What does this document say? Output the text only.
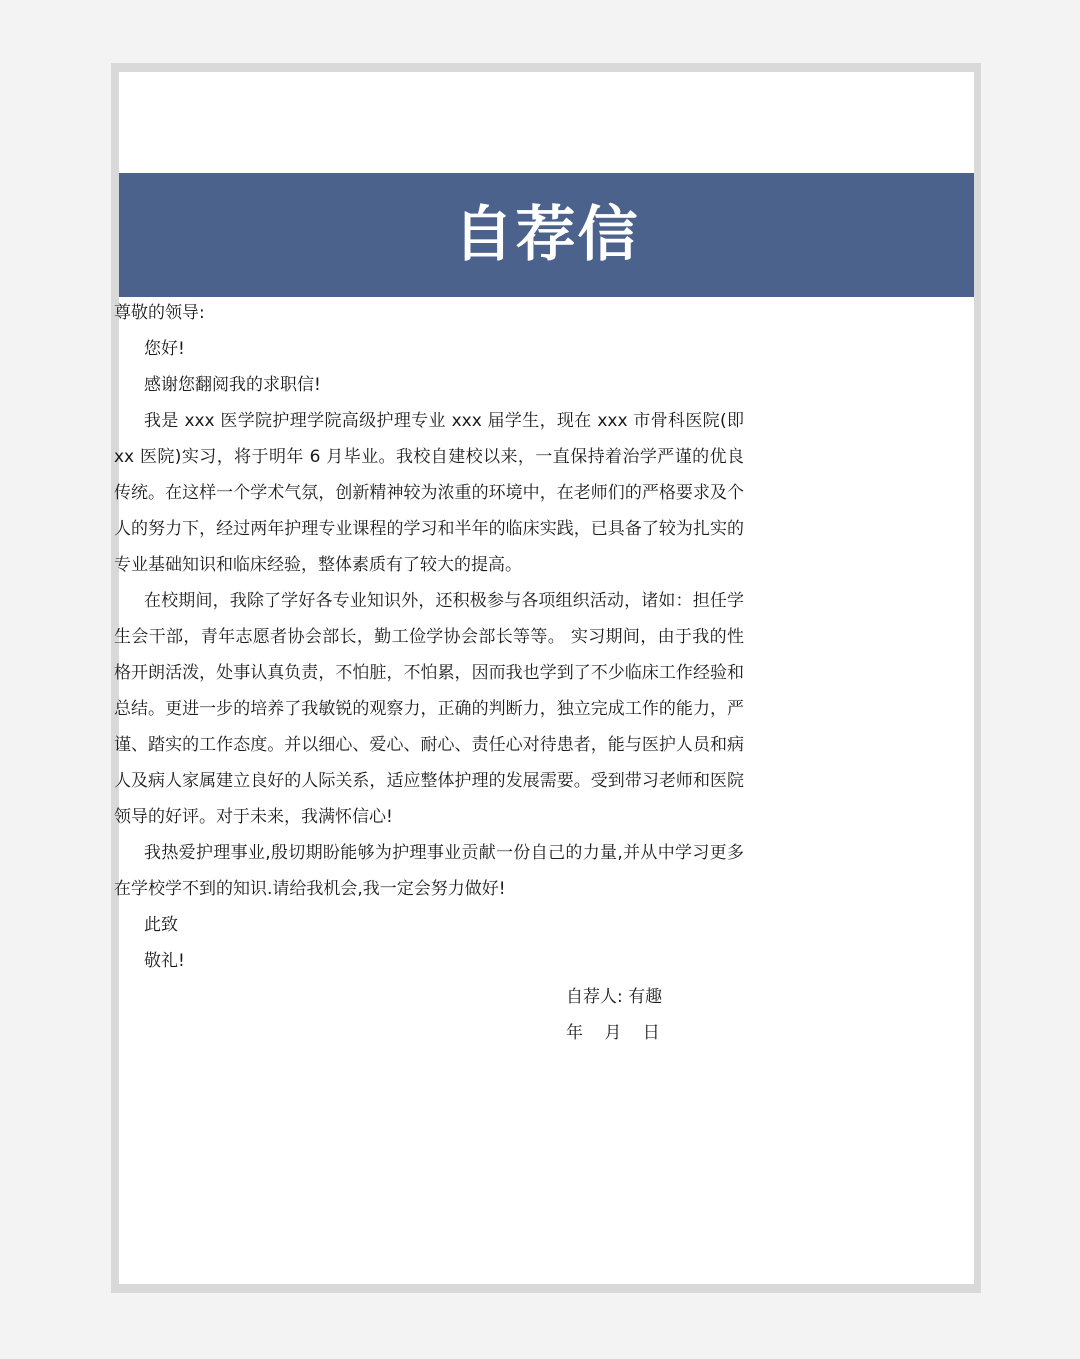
自荐信

尊敬的领导:

您好!

感谢您翻阅我的求职信!

我是 xxx 医学院护理学院高级护理专业 xxx 届学生，现在 xxx 市骨科医院(即 xx 医院)实习，将于明年 6 月毕业。我校自建校以来，一直保持着治学严谨的优良传统。在这样一个学术气氛，创新精神较为浓重的环境中，在老师们的严格要求及个人的努力下，经过两年护理专业课程的学习和半年的临床实践，已具备了较为扎实的专业基础知识和临床经验，整体素质有了较大的提高。

在校期间，我除了学好各专业知识外，还积极参与各项组织活动，诸如：担任学生会干部，青年志愿者协会部长，勤工俭学协会部长等等。 实习期间，由于我的性格开朗活泼，处事认真负责，不怕脏，不怕累，因而我也学到了不少临床工作经验和总结。更进一步的培养了我敏锐的观察力，正确的判断力，独立完成工作的能力，严谨、踏实的工作态度。并以细心、爱心、耐心、责任心对待患者，能与医护人员和病人及病人家属建立良好的人际关系，适应整体护理的发展需要。受到带习老师和医院领导的好评。对于未来，我满怀信心!

我热爱护理事业,殷切期盼能够为护理事业贡献一份自己的力量,并从中学习更多在学校学不到的知识.请给我机会,我一定会努力做好!

此致

敬礼!

自荐人: 有趣

年 月 日
